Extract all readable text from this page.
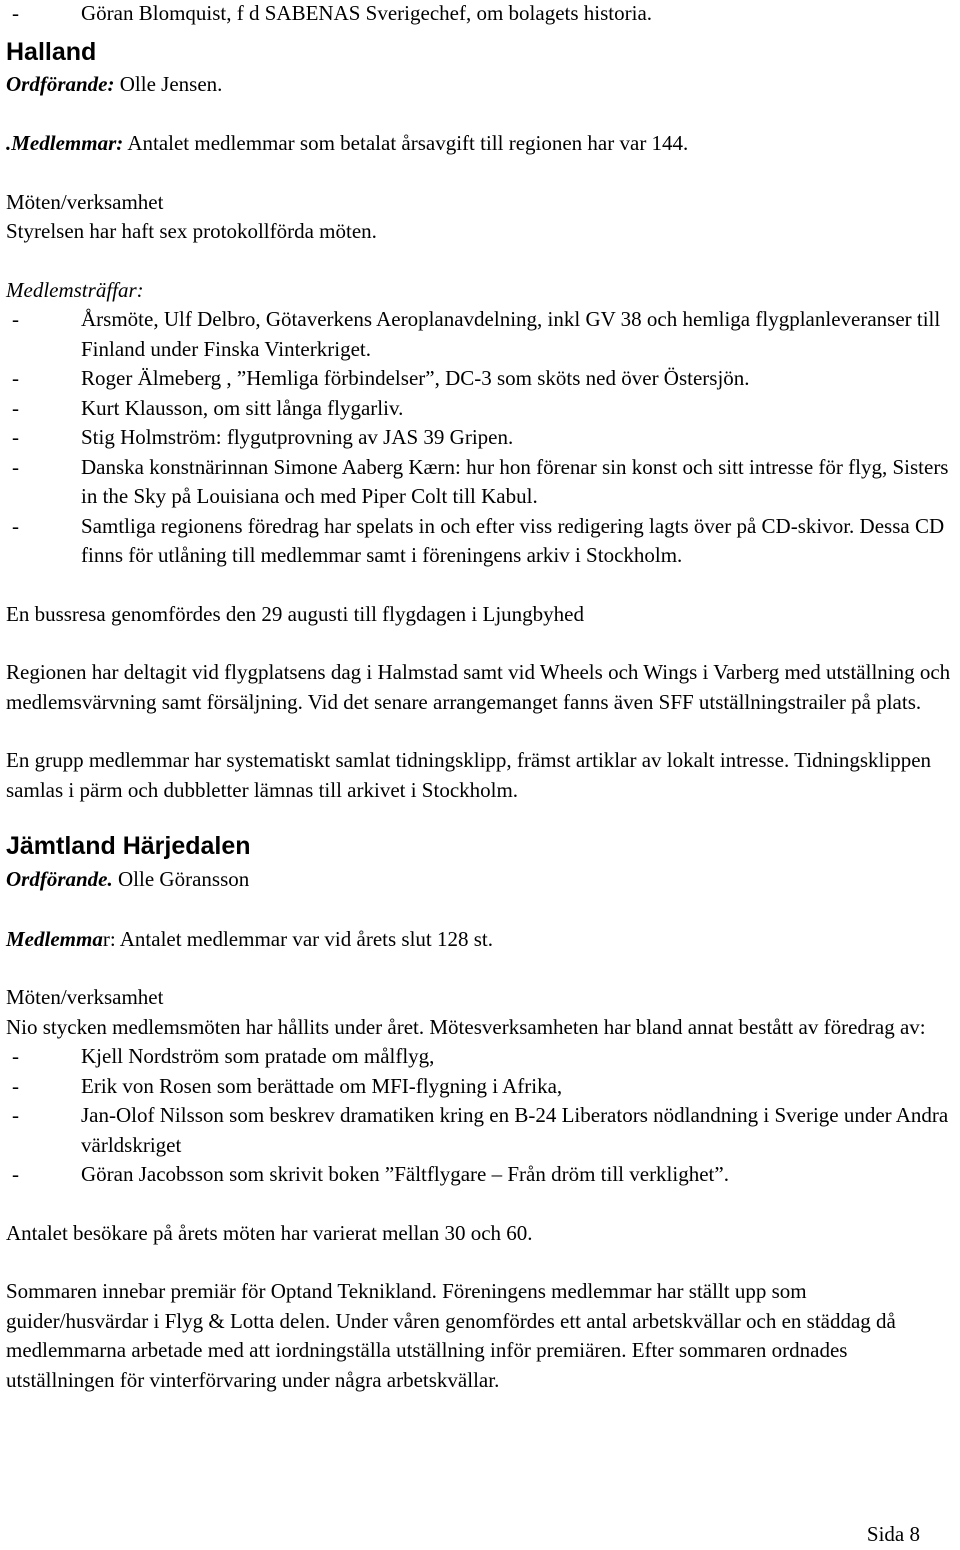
-	Göran Blomquist, f d SABENAS Sverigechef, om bolagets historia.
Halland

Ordförande: Olle Jensen.

.Medlemmar: Antalet medlemmar som betalat årsavgift till regionen har var 144.

Möten/verksamhet

Styrelsen har haft sex protokollförda möten.

Medlemsträffar:

-	Årsmöte, Ulf Delbro, Götaverkens Aeroplanavdelning, inkl GV 38 och hemliga flygplanleveranser till Finland under Finska Vinterkriget.
-	Roger Älmeberg , ”Hemliga förbindelser”, DC-3 som sköts ned över Östersjön.
-	Kurt Klausson, om sitt långa flygarliv.
-	Stig Holmström: flygutprovning av JAS 39 Gripen.
-	Danska konstnärinnan Simone Aaberg Kærn: hur hon förenar sin konst och sitt intresse för flyg, Sisters in the Sky på Louisiana och med Piper Colt till Kabul.
-	Samtliga regionens föredrag har spelats in och efter viss redigering lagts över på CD-skivor. Dessa CD finns för utlåning till medlemmar samt i föreningens arkiv i Stockholm.

En bussresa genomfördes den 29 augusti till flygdagen i Ljungbyhed

Regionen har deltagit vid flygplatsens dag i Halmstad samt vid Wheels och Wings i Varberg med utställning och medlemsvärvning samt försäljning. Vid det senare arrangemanget fanns även SFF utställningstrailer på plats.

En grupp medlemmar har systematiskt samlat tidningsklipp, främst artiklar av lokalt intresse. Tidningsklippen samlas i pärm och dubbletter lämnas till arkivet i Stockholm.

Jämtland Härjedalen

Ordförande. Olle Göransson

Medlemmar: Antalet medlemmar var vid årets slut 128 st.

Möten/verksamhet

Nio stycken medlemsmöten har hållits under året. Mötesverksamheten har bland annat bestått av föredrag av:

-	Kjell Nordström som pratade om målflyg,
-	Erik von Rosen som berättade om MFI-flygning i Afrika,
-	Jan-Olof Nilsson som beskrev dramatiken kring en B-24 Liberators nödlandning i Sverige under Andra världskriget
-	Göran Jacobsson som skrivit boken ”Fältflygare – Från dröm till verklighet”.

Antalet besökare på årets möten har varierat mellan 30 och 60.

Sommaren innebar premiär för Optand Teknikland. Föreningens medlemmar har ställt upp som guider/husvärdar i Flyg & Lotta delen. Under våren genomfördes ett antal arbetskvällar och en städdag då medlemmarna arbetade med att iordningställa utställning inför premiären. Efter sommaren ordnades utställningen för vinterförvaring under några arbetskvällar.

Sida 8
